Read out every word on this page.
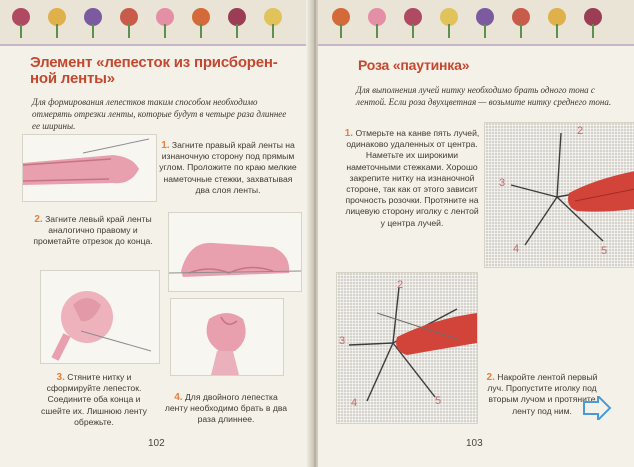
Элемент «лепесток из присборен-
ной ленты»

Для формирования лепестков таким способом необходимо отмерять отрезки ленты, которые будут в четыре раза длиннее ее ширины.

1. Загните правый край ленты на изнаночную сторону под прямым углом. Проложите по краю мелкие наметочные стежки, захватывая два слоя ленты.

2. Загните левый край ленты аналогично правому и прометайте отрезок до конца.

3. Стяните нитку и сформируйте лепесток. Соедините оба конца и сшейте их. Лишнюю ленту обрежьте.

4. Для двойного лепестка ленту необходимо брать в два раза длиннее.

102
Роза «паутинка»

Для выполнения лучей нитку необходимо брать одного тона с лентой. Если роза двухцветная — возьмите нитку среднего тона.

1. Отмерьте на канве пять лучей, одинаково удаленных от центра. Наметьте их широкими наметочными стежками. Хорошо закрепите нитку на изнаночной стороне, так как от этого зависит прочность розочки. Протяните на лицевую сторону иголку с лентой у центра лучей.

2
3
4	5
2
3
4	5

2. Накройте лентой первый луч. Пропустите иголку под вторым лучом и протяните ленту под ним.

103
